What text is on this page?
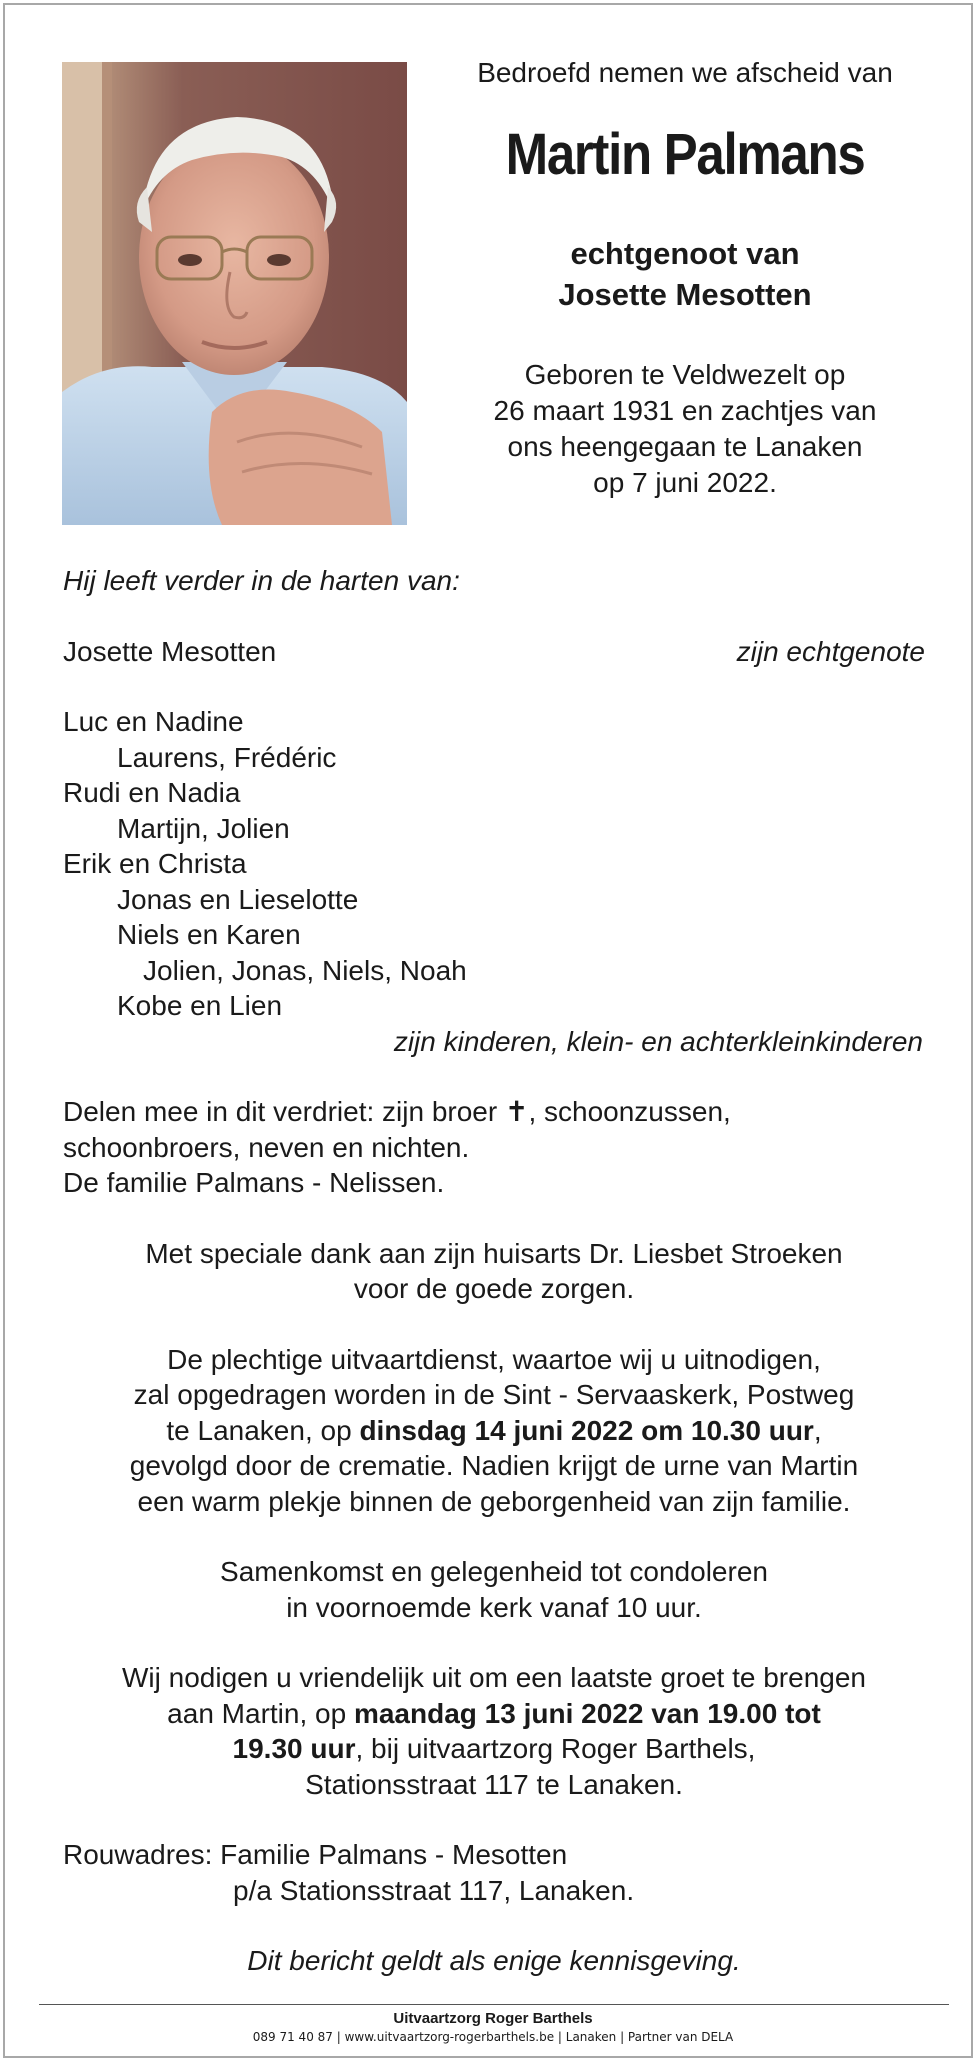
Bedroefd nemen we afscheid van

Martin Palmans

echtgenoot van
Josette Mesotten

Geboren te Veldwezelt op
26 maart 1931 en zachtjes van
ons heengegaan te Lanaken
op 7 juni 2022.

Hij leeft verder in de harten van:

Josette Mesotten	zijn echtgenote
Luc en Nadine
Laurens, Frédéric
Rudi en Nadia
Martijn, Jolien
Erik en Christa
Jonas en Lieselotte
Niels en Karen
Jolien, Jonas, Niels, Noah
Kobe en Lien
zijn kinderen, klein- en achterkleinkinderen
Delen mee in dit verdriet: zijn broer ✝, schoonzussen,
schoonbroers, neven en nichten.
De familie Palmans - Nelissen.
Met speciale dank aan zijn huisarts Dr. Liesbet Stroeken
voor de goede zorgen.
De plechtige uitvaartdienst, waartoe wij u uitnodigen,
zal opgedragen worden in de Sint - Servaaskerk, Postweg
te Lanaken, op dinsdag 14 juni 2022 om 10.30 uur,
gevolgd door de crematie. Nadien krijgt de urne van Martin
een warm plekje binnen de geborgenheid van zijn familie.
Samenkomst en gelegenheid tot condoleren
in voornoemde kerk vanaf 10 uur.
Wij nodigen u vriendelijk uit om een laatste groet te brengen
aan Martin, op maandag 13 juni 2022 van 19.00 tot
19.30 uur, bij uitvaartzorg Roger Barthels,
Stationsstraat 117 te Lanaken.
Rouwadres: Familie Palmans - Mesotten
p/a Stationsstraat 117, Lanaken.
Dit bericht geldt als enige kennisgeving.
Uitvaartzorg Roger Barthels
089 71 40 87 | www.uitvaartzorg-rogerbarthels.be | Lanaken | Partner van DELA
